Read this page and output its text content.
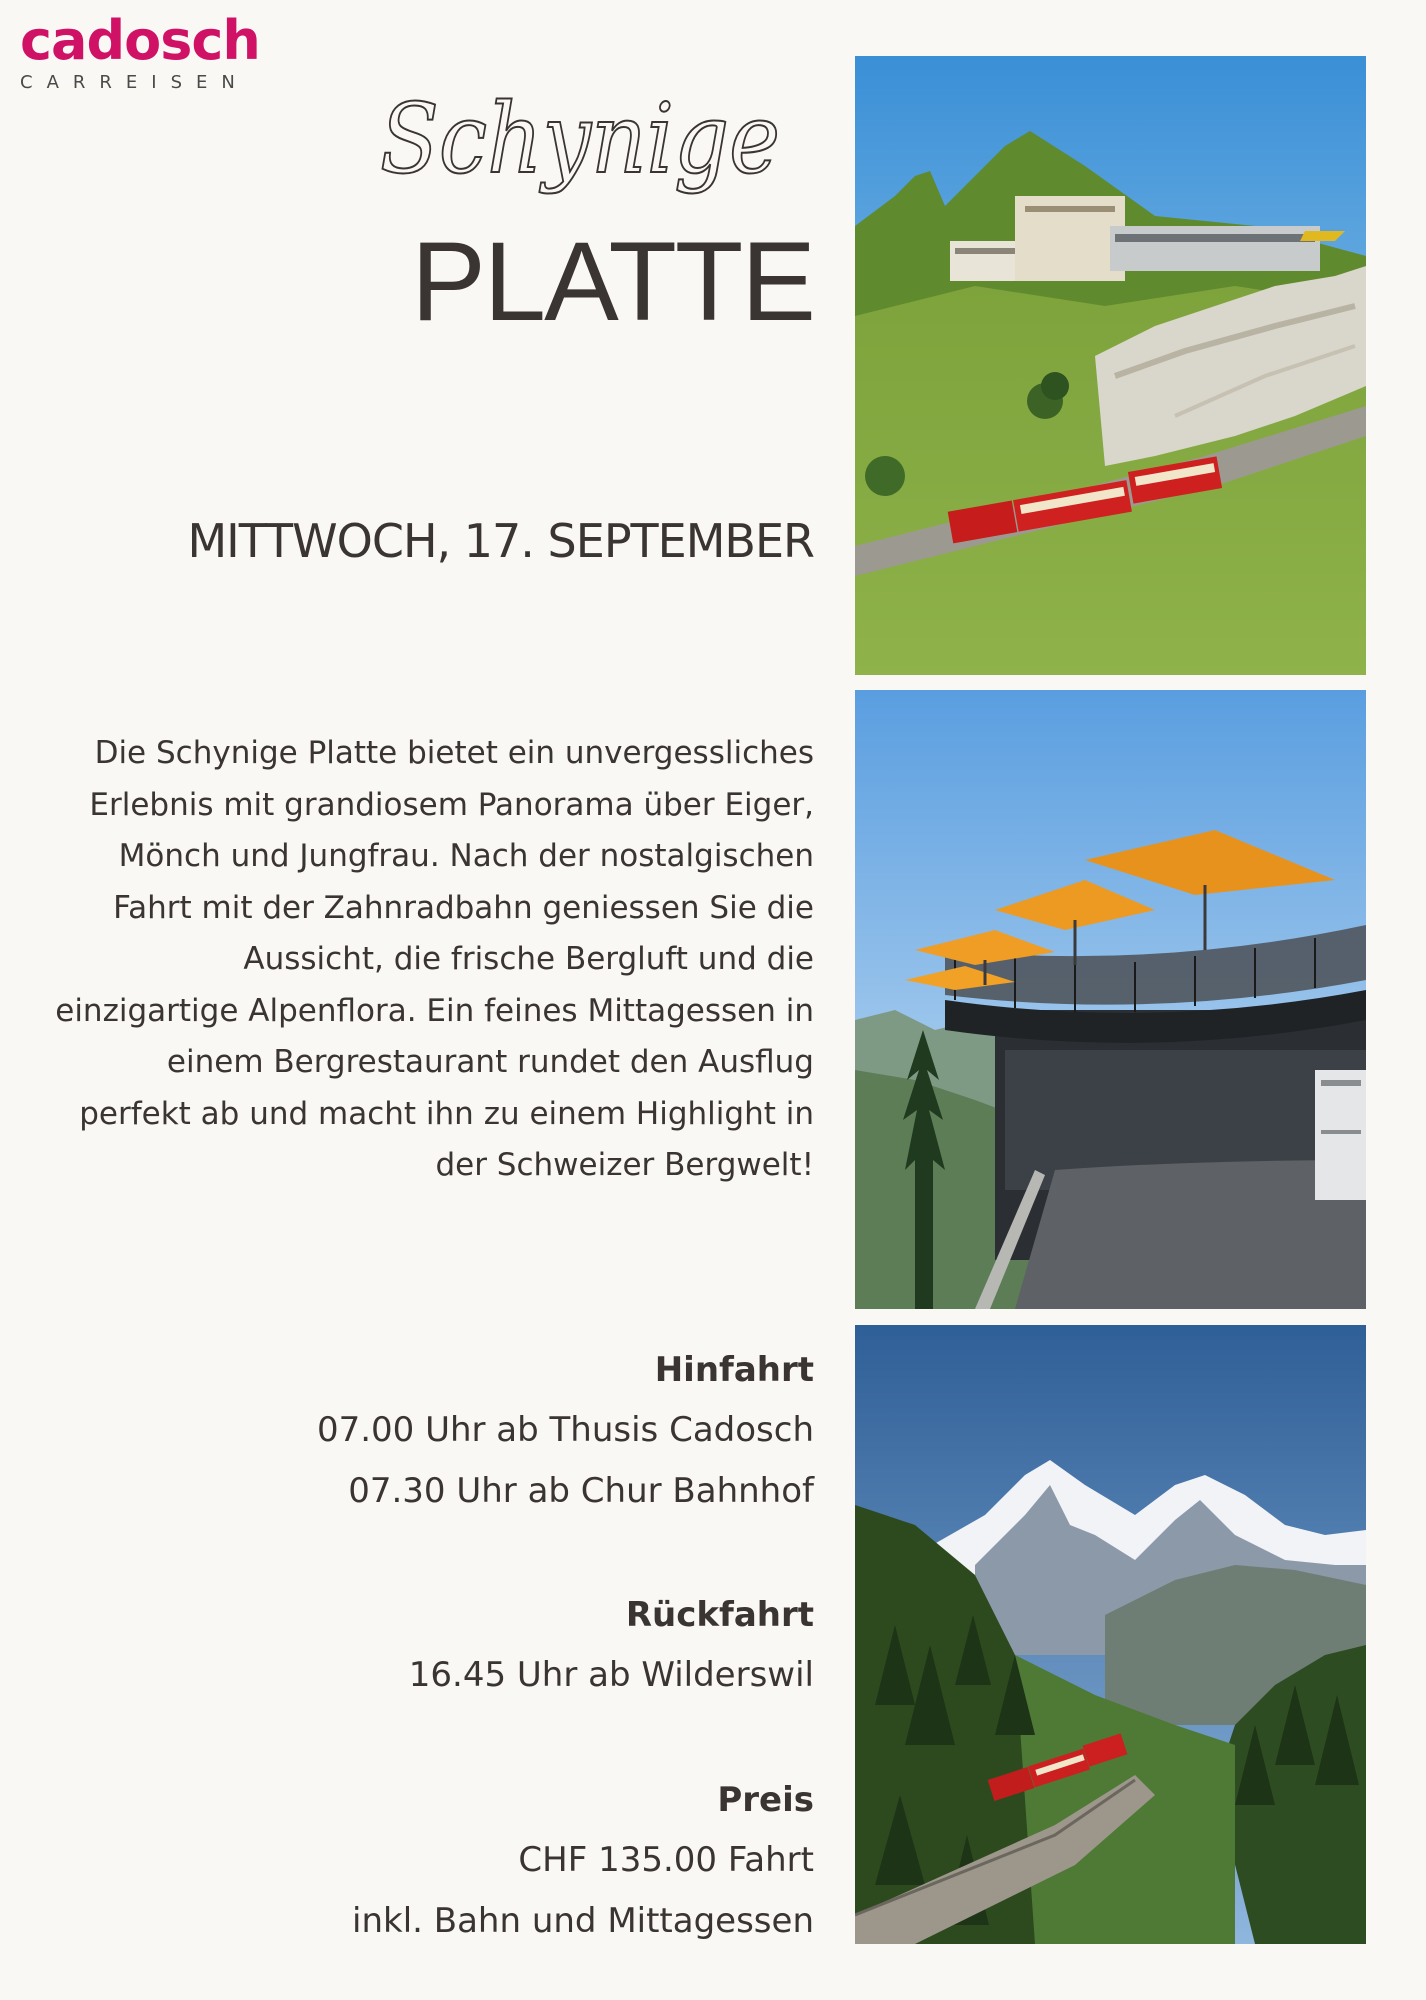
cadosch
CARREISEN
Schynige
PLATTE
MITTWOCH, 17. SEPTEMBER
Die Schynige Platte bietet ein unvergessliches Erlebnis mit grandiosem Panorama über Eiger, Mönch und Jungfrau. Nach der nostalgischen Fahrt mit der Zahnradbahn geniessen Sie die Aussicht, die frische Bergluft und die einzigartige Alpenflora. Ein feines Mittagessen in einem Bergrestaurant rundet den Ausflug perfekt ab und macht ihn zu einem Highlight in der Schweizer Bergwelt!
Hinfahrt
07.00 Uhr ab Thusis Cadosch
07.30 Uhr ab Chur Bahnhof
Rückfahrt
16.45 Uhr ab Wilderswil
Preis
CHF 135.00 Fahrt
inkl. Bahn und Mittagessen
